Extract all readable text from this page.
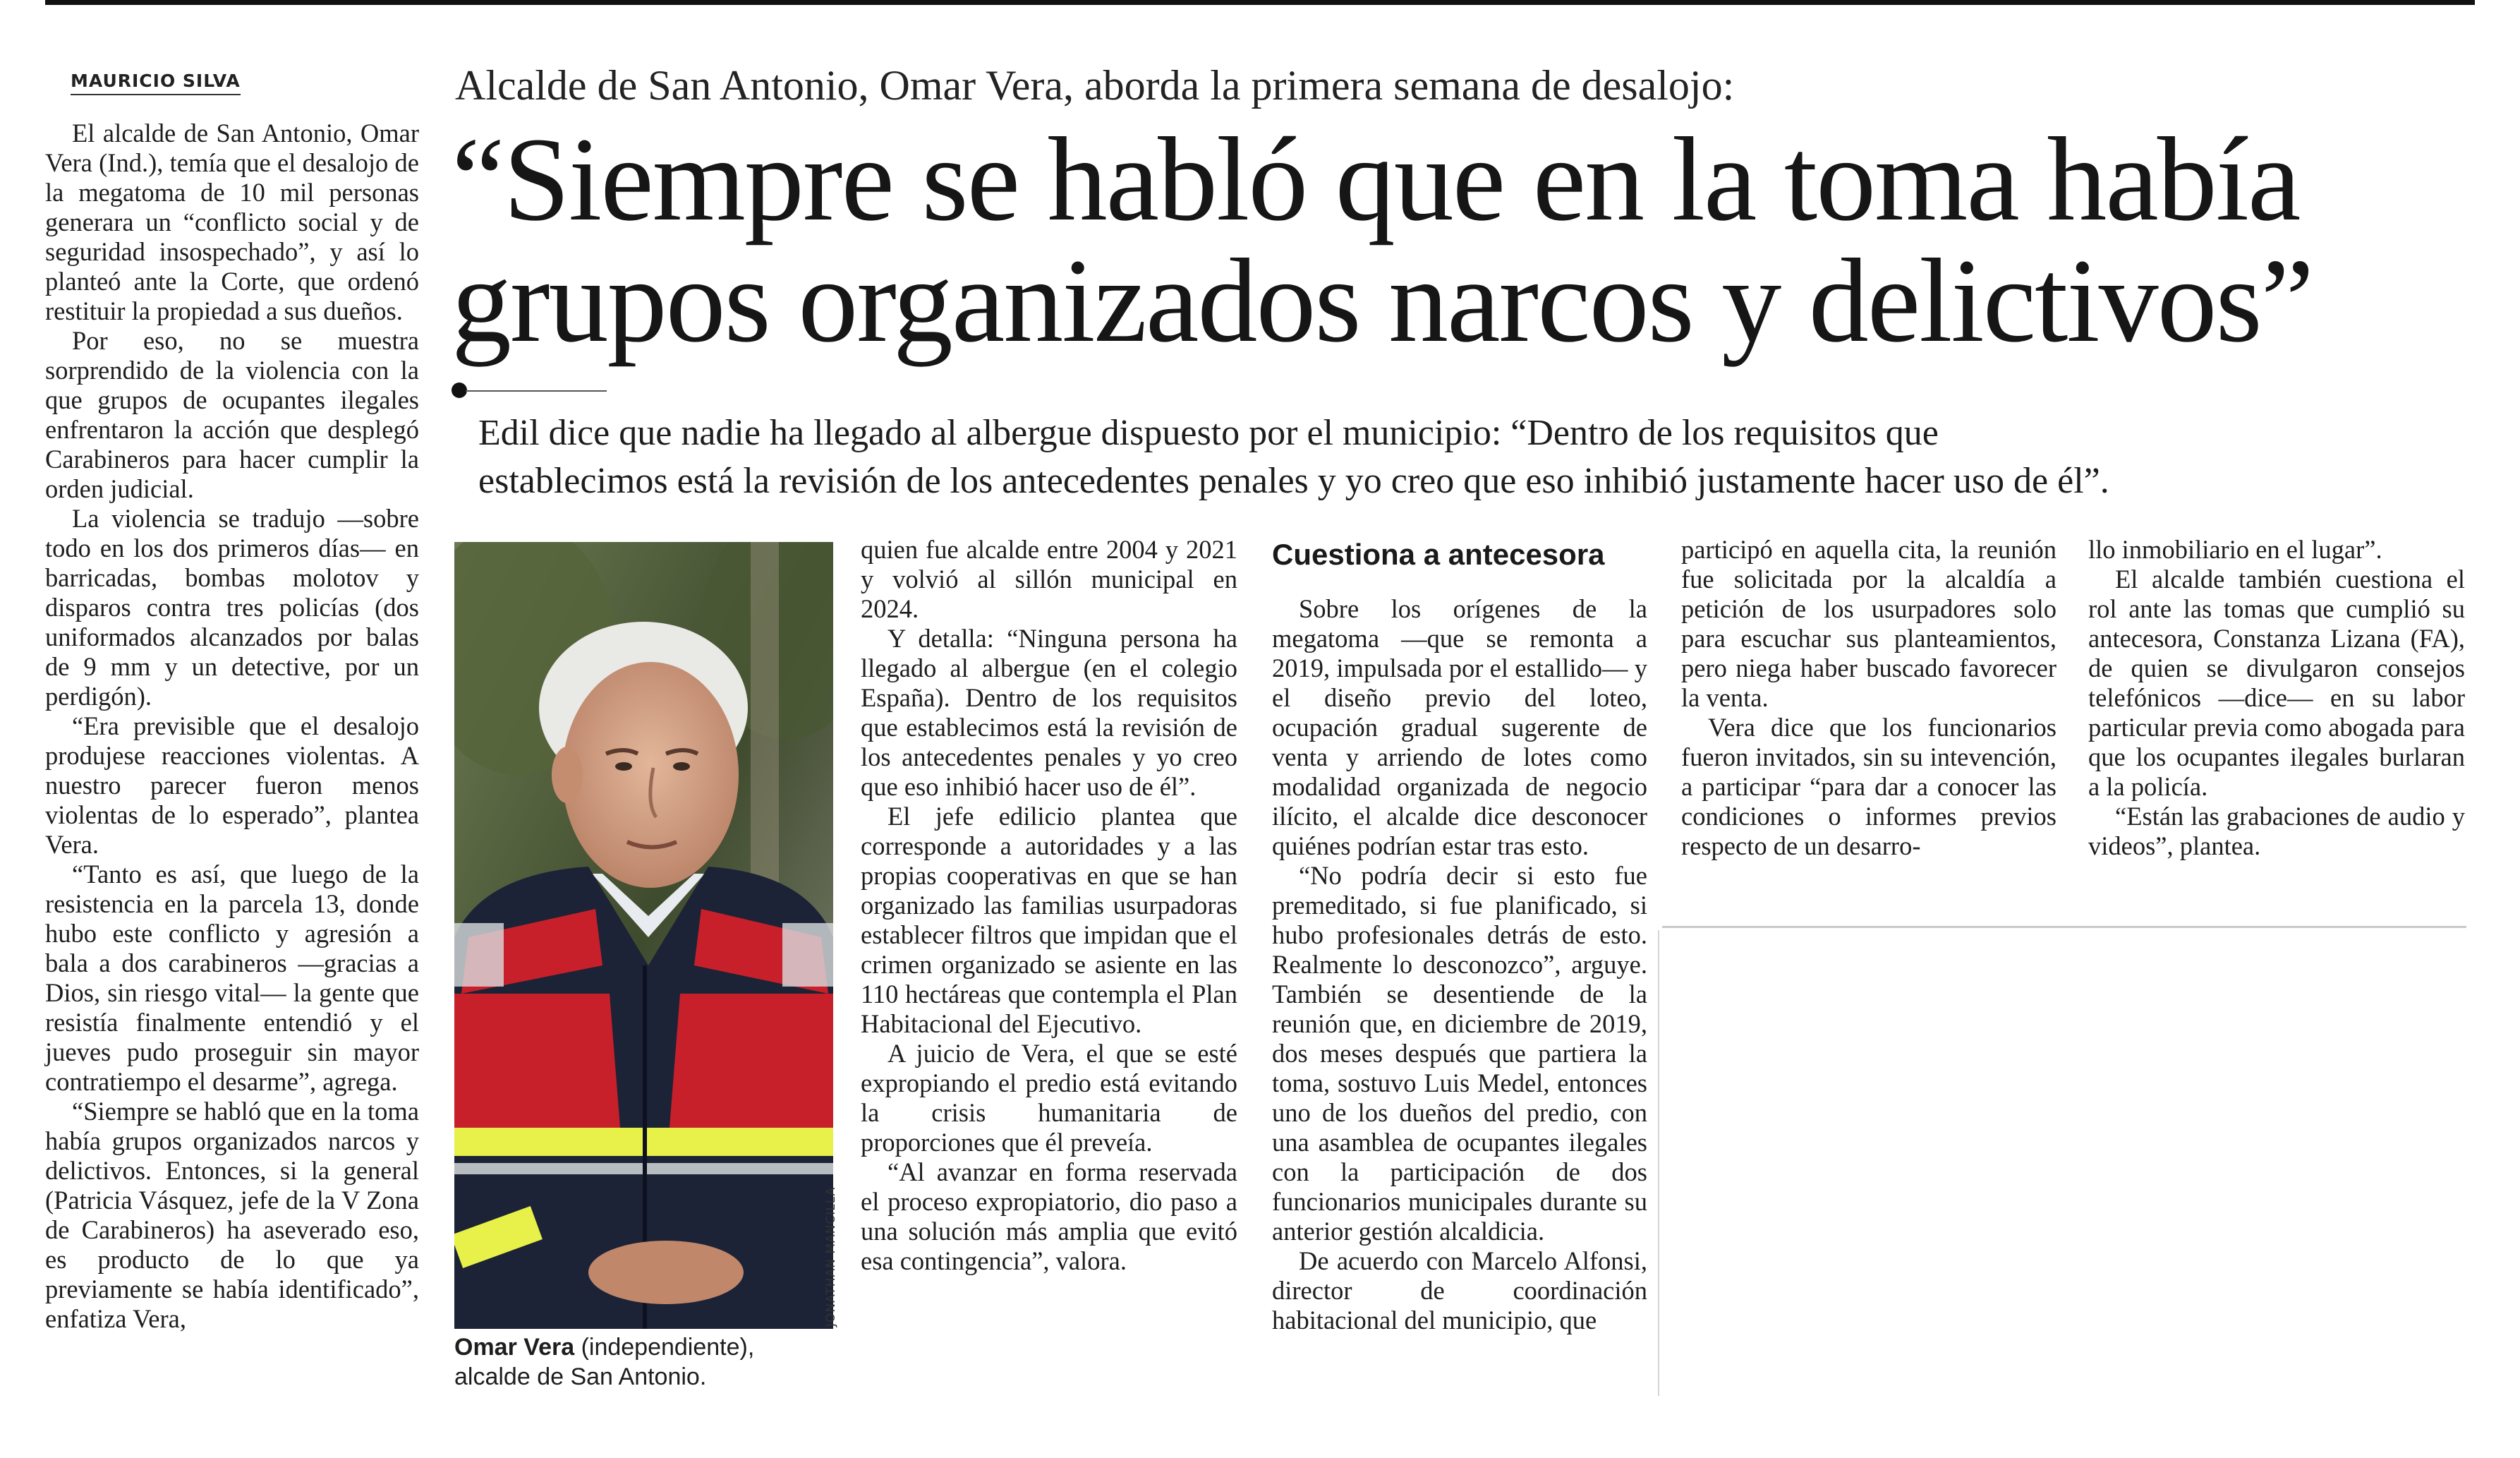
MAURICIO SILVA	Alcalde de San Antonio, Omar Vera, aborda la primera semana de desalojo:
“Siempre se habló que en la toma había
grupos organizados narcos y delictivos”
Edil dice que nadie ha llegado al albergue dispuesto por el municipio: “Dentro de los requisitos que
establecimos está la revisión de los antecedentes penales y yo creo que eso inhibió justamente hacer uso de él”.

El alcalde de San Antonio, Omar Vera (Ind.), temía que el desalojo de la megatoma de 10 mil personas generara un “conflicto social y de seguridad insospechado”, y así lo planteó ante la Corte, que ordenó restituir la propiedad a sus dueños.

Por eso, no se muestra sorprendido de la violencia con la que grupos de ocupantes ilegales enfrentaron la acción que desplegó Carabineros para hacer cumplir la orden judicial.

La violencia se tradujo —sobre todo en los dos primeros días— en barricadas, bombas molotov y disparos contra tres policías (dos uniformados alcanzados por balas de 9 mm y un detective, por un perdigón).

“Era previsible que el desalojo produjese reacciones violentas. A nuestro parecer fueron menos violentas de lo esperado”, plantea Vera.

“Tanto es así, que luego de la resistencia en la parcela 13, donde hubo este conflicto y agresión a bala a dos carabineros —gracias a Dios, sin riesgo vital— la gente que resistía finalmente entendió y el jueves pudo proseguir sin mayor contratiempo el desarme”, agrega.

“Siempre se habló que en la toma había grupos organizados narcos y delictivos. Entonces, si la general (Patricia Vásquez, jefe de la V Zona de Carabineros) ha aseverado eso, es producto de lo que ya previamente se había identificado”, enfatiza Vera,	JONATHAN MANCILLA
Omar Vera (independiente), alcalde de San Antonio.

quien fue alcalde entre 2004 y 2021 y volvió al sillón municipal en 2024.

Y detalla: “Ninguna persona ha llegado al albergue (en el colegio España). Dentro de los requisitos que establecimos está la revisión de los antecedentes penales y yo creo que eso inhibió hacer uso de él”.

El jefe edilicio plantea que corresponde a autoridades y a las propias cooperativas en que se han organizado las familias usurpadoras establecer filtros que impidan que el crimen organizado se asiente en las 110 hectáreas que contempla el Plan Habitacional del Ejecutivo.

A juicio de Vera, el que se esté expropiando el predio está evitando la crisis humanitaria de proporciones que él preveía.

“Al avanzar en forma reservada el proceso expropiatorio, dio paso a una solución más amplia que evitó esa contingencia”, valora.

Cuestiona a antecesora

Sobre los orígenes de la megatoma —que se remonta a 2019, impulsada por el estallido— y el diseño previo del loteo, ocupación gradual sugerente de venta y arriendo de lotes como modalidad organizada de negocio ilícito, el alcalde dice desconocer quiénes podrían estar tras esto.

“No podría decir si esto fue premeditado, si fue planificado, si hubo profesionales detrás de esto. Realmente lo desconozco”, arguye. También se desentiende de la reunión que, en diciembre de 2019, dos meses después que partiera la toma, sostuvo Luis Medel, entonces uno de los dueños del predio, con una asamblea de ocupantes ilegales con la participación de dos funcionarios municipales durante su anterior gestión alcaldicia.

De acuerdo con Marcelo Alfonsi, director de coordinación habitacional del municipio, que

participó en aquella cita, la reunión fue solicitada por la alcaldía a petición de los usurpadores solo para escuchar sus planteamientos, pero niega haber buscado favorecer la venta.

Vera dice que los funcionarios fueron invitados, sin su intevención, a participar “para dar a conocer las condiciones o informes previos respecto de un desarro-

llo inmobiliario en el lugar”.

El alcalde también cuestiona el rol ante las tomas que cumplió su antecesora, Constanza Lizana (FA), de quien se divulgaron consejos telefónicos —dice— en su labor particular previa como abogada para que los ocupantes ilegales burlaran a la policía.

“Están las grabaciones de audio y videos”, plantea.
